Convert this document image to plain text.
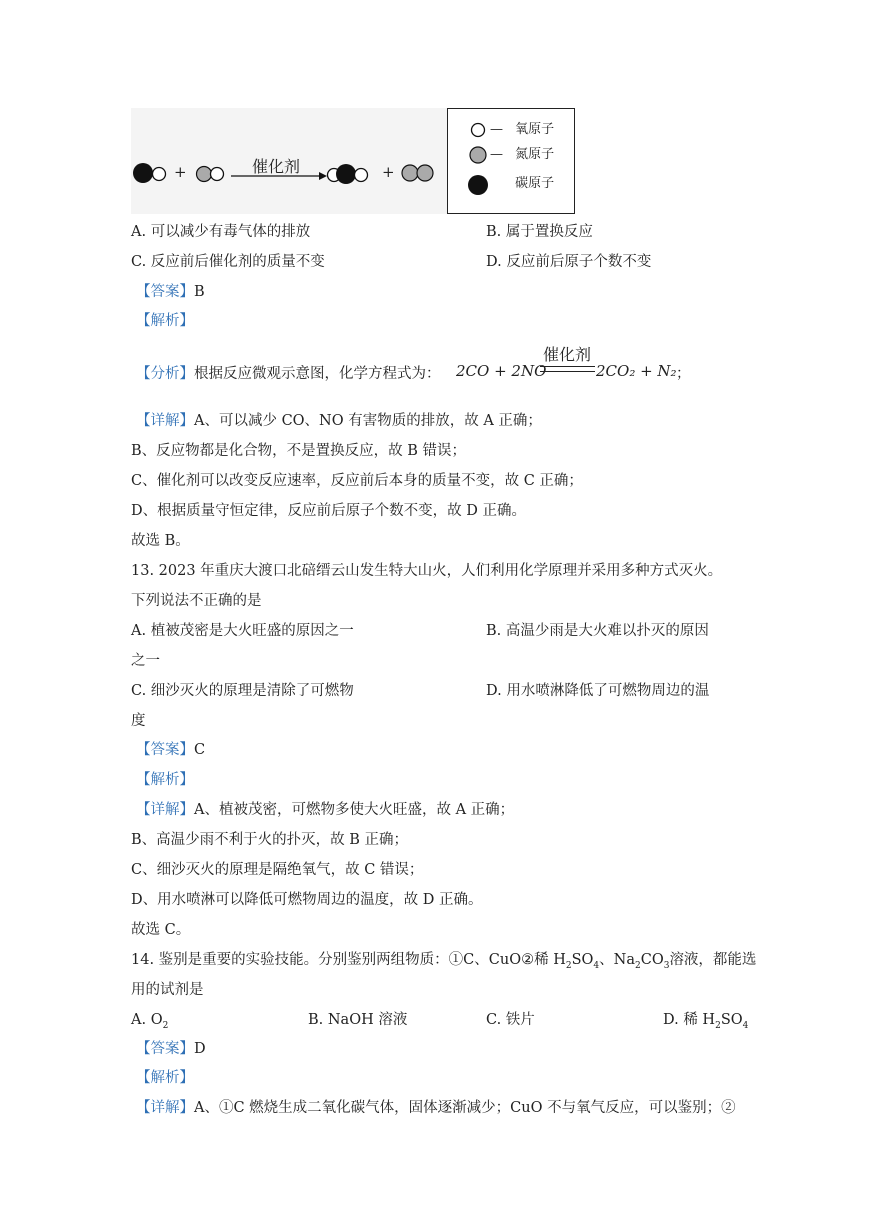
+	催化剂	+
— 氧原子
— 氮原子
碳原子
A. 可以减少有毒气体的排放	B. 属于置换反应
C. 反应前后催化剂的质量不变	D. 反应前后原子个数不变
【答案】B
【解析】
【分析】根据反应微观示意图，化学方程式为： 2CO + 2NO
催化剂
2CO₂ + N₂ ；
【详解】A、可以减少 CO、NO 有害物质的排放，故 A 正确；
B、反应物都是化合物，不是置换反应，故 B 错误；
C、催化剂可以改变反应速率，反应前后本身的质量不变，故 C 正确；
D、根据质量守恒定律，反应前后原子个数不变，故 D 正确。
故选 B。
13. 2023 年重庆大渡口北碚缙云山发生特大山火，人们利用化学原理并采用多种方式灭火。
下列说法不正确的是
A. 植被茂密是大火旺盛的原因之一	B. 高温少雨是大火难以扑灭的原因
之一
C. 细沙灭火的原理是清除了可燃物	D. 用水喷淋降低了可燃物周边的温
度
【答案】C
【解析】
【详解】A、植被茂密，可燃物多使大火旺盛，故 A 正确；
B、高温少雨不利于火的扑灭，故 B 正确；
C、细沙灭火的原理是隔绝氧气，故 C 错误；
D、用水喷淋可以降低可燃物周边的温度，故 D 正确。
故选 C。
14. 鉴别是重要的实验技能。分别鉴别两组物质：①C、CuO②稀 $H_2SO_4$、$Na_2CO_3$溶液，都能选
用的试剂是
A. $O_2$	B. NaOH 溶液	C. 铁片	D. 稀 $H_2SO_4$
【答案】D
【解析】
【详解】A、①C 燃烧生成二氧化碳气体，固体逐渐减少；CuO 不与氧气反应，可以鉴别；②
